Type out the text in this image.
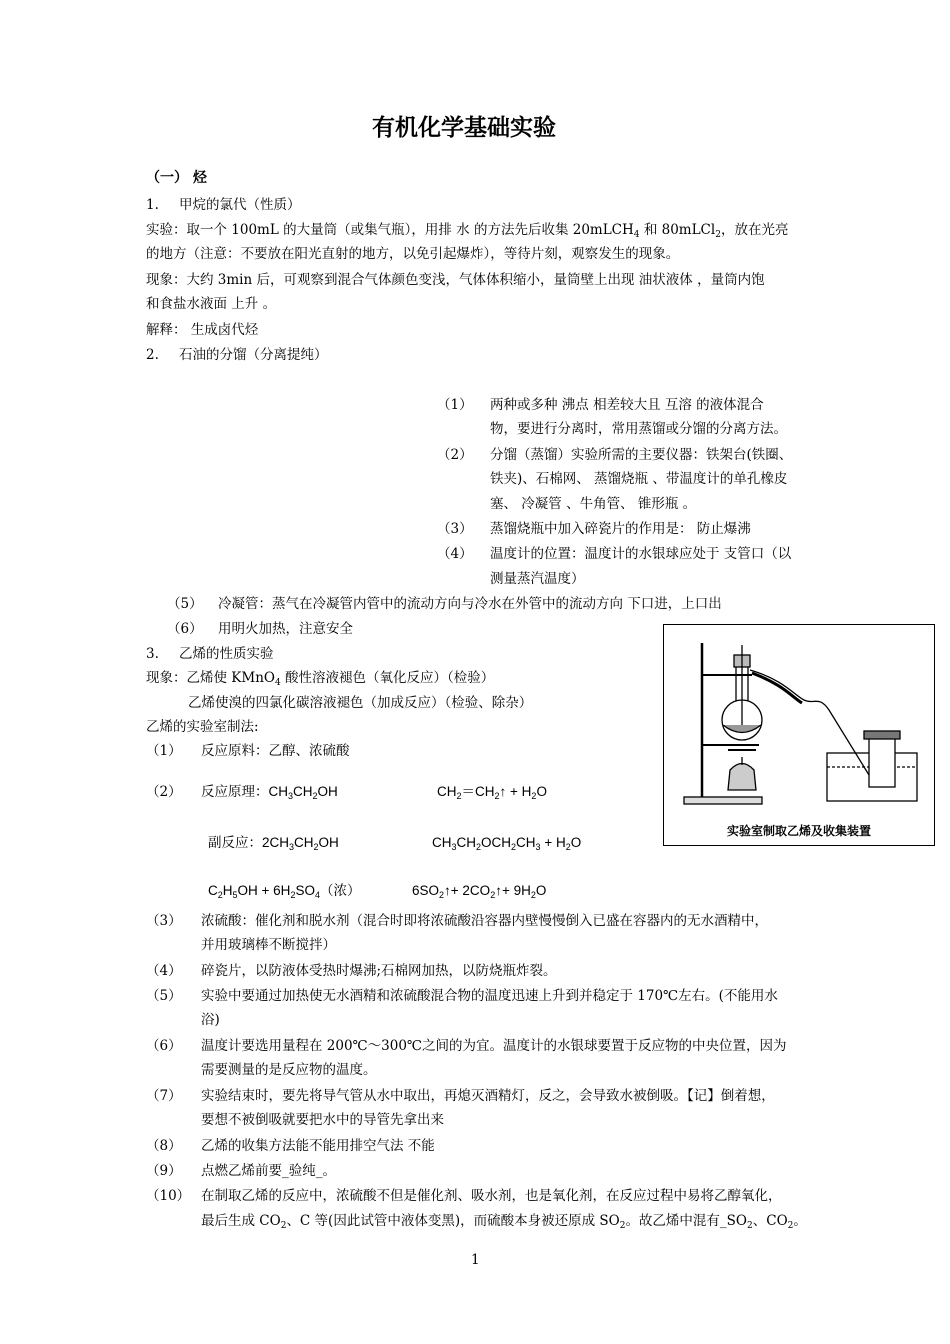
有机化学基础实验
（一） 烃
1. 甲烷的氯代（性质）
实验：取一个 100mL 的大量筒（或集气瓶），用排 水 的方法先后收集 20mLCH$_4$ 和 80mLCl$_2$，放在光亮
的地方（注意：不要放在阳光直射的地方，以免引起爆炸），等待片刻，观察发生的现象。
现象：大约 3min 后，可观察到混合气体颜色变浅，气体体积缩小，量筒壁上出现 油状液体 ，量筒内饱
和食盐水液面 上升 。
解释： 生成卤代烃
2. 石油的分馏（分离提纯）
（1） 两种或多种 沸点 相差较大且 互溶 的液体混合
物，要进行分离时，常用蒸馏或分馏的分离方法。
（2） 分馏（蒸馏）实验所需的主要仪器：铁架台(铁圈、
铁夹)、石棉网、 蒸馏烧瓶 、带温度计的单孔橡皮
塞、 冷凝管 、牛角管、 锥形瓶 。
（3） 蒸馏烧瓶中加入碎瓷片的作用是： 防止爆沸
（4） 温度计的位置：温度计的水银球应处于 支管口（以
测量蒸汽温度）
（5） 冷凝管：蒸气在冷凝管内管中的流动方向与冷水在外管中的流动方向 下口进，上口出
（6） 用明火加热，注意安全
3. 乙烯的性质实验
现象：乙烯使 KMnO$_4$ 酸性溶液褪色（氧化反应）（检验）
乙烯使溴的四氯化碳溶液褪色（加成反应）（检验、除杂）
乙烯的实验室制法:
（1） 反应原料：乙醇、浓硫酸
（2） 反应原理：$CH_3CH_2OH$	$CH_2=CH_2↑ + H_2O$
副反应：$2CH_3CH_2OH$	$CH_3CH_2OCH_2CH_3 + H_2O$
$C_2H_5OH + 6H_2SO_4$（浓）	$6SO_2↑+$ $2CO_2↑+ 9H_2O$
（3） 浓硫酸：催化剂和脱水剂（混合时即将浓硫酸沿容器内壁慢慢倒入已盛在容器内的无水酒精中，
并用玻璃棒不断搅拌）
（4） 碎瓷片，以防液体受热时爆沸;石棉网加热，以防烧瓶炸裂。
（5） 实验中要通过加热使无水酒精和浓硫酸混合物的温度迅速上升到并稳定于 170℃左右。(不能用水
浴)
（6） 温度计要选用量程在 200℃～300℃之间的为宜。温度计的水银球要置于反应物的中央位置，因为
需要测量的是反应物的温度。
（7） 实验结束时，要先将导气管从水中取出，再熄灭酒精灯，反之，会导致水被倒吸。【记】倒着想，
要想不被倒吸就要把水中的导管先拿出来
（8） 乙烯的收集方法能不能用排空气法 不能
（9） 点燃乙烯前要_验纯_。
（10） 在制取乙烯的反应中，浓硫酸不但是催化剂、吸水剂，也是氧化剂，在反应过程中易将乙醇氧化，
最后生成 $CO_2$、C 等(因此试管中液体变黑)，而硫酸本身被还原成 $SO_2$。故乙烯中混有$\_SO_2$、$CO_2$。
1
实验室制取乙烯及收集装置
